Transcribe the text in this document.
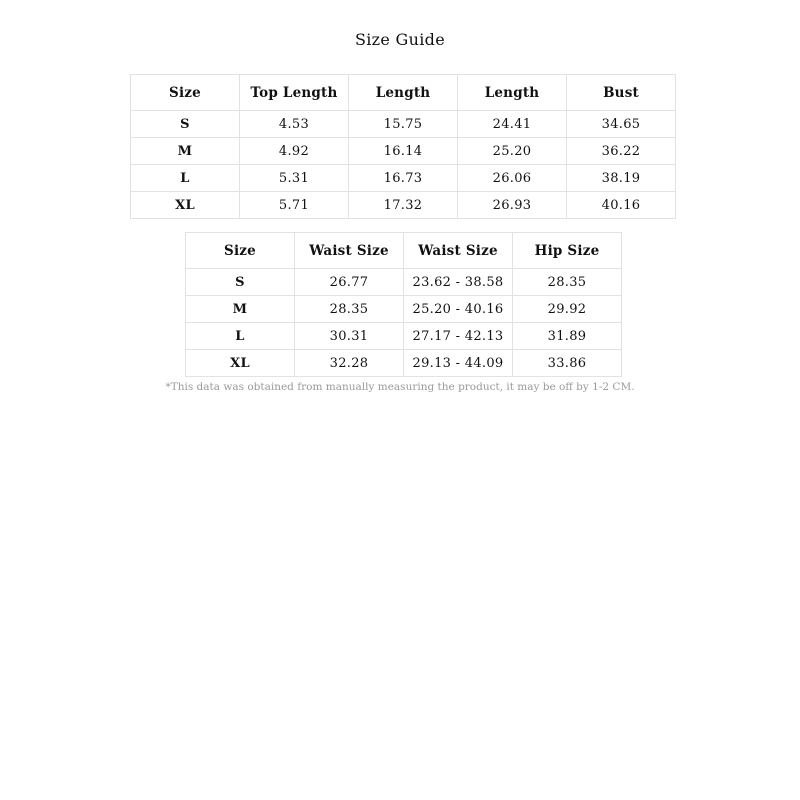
Size Guide
Size	Top Length	Length	Length	Bust
S	4.53	15.75	24.41	34.65
M	4.92	16.14	25.20	36.22
L	5.31	16.73	26.06	38.19
XL	5.71	17.32	26.93	40.16
Size	Waist Size	Waist Size	Hip Size
S	26.77	23.62 - 38.58	28.35
M	28.35	25.20 - 40.16	29.92
L	30.31	27.17 - 42.13	31.89
XL	32.28	29.13 - 44.09	33.86
*This data was obtained from manually measuring the product, it may be off by 1-2 CM.
